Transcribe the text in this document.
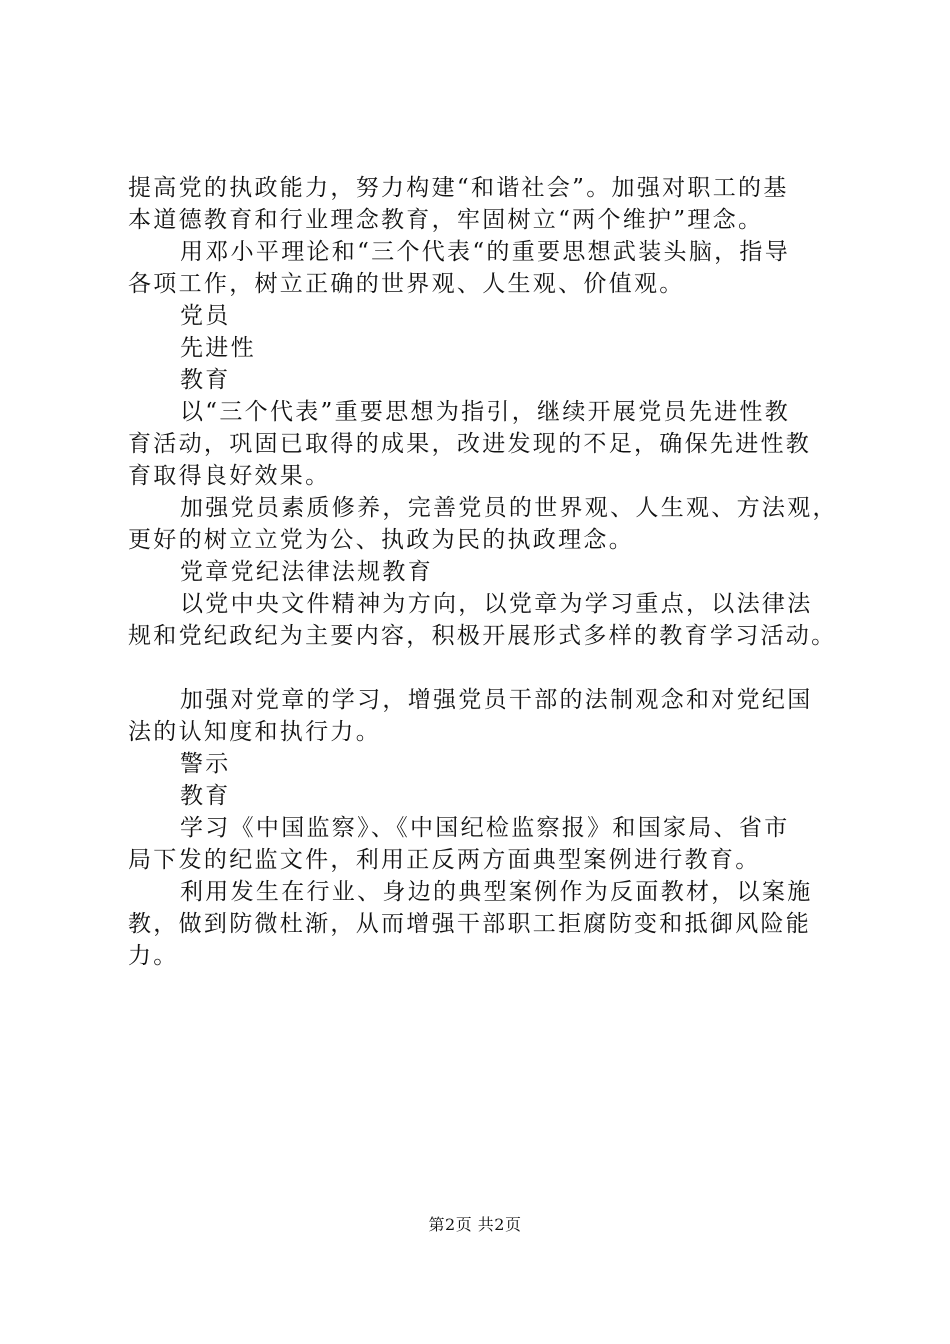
提高党的执政能力，努力构建“和谐社会”。加强对职工的基
本道德教育和行业理念教育，牢固树立“两个维护”理念。
用邓小平理论和“三个代表“的重要思想武装头脑，指导
各项工作，树立正确的世界观、人生观、价值观。
党员
先进性
教育
以“三个代表”重要思想为指引，继续开展党员先进性教
育活动，巩固已取得的成果，改进发现的不足，确保先进性教
育取得良好效果。
加强党员素质修养，完善党员的世界观、人生观、方法观，
更好的树立立党为公、执政为民的执政理念。
党章党纪法律法规教育
以党中央文件精神为方向，以党章为学习重点，以法律法
规和党纪政纪为主要内容，积极开展形式多样的教育学习活动。
加强对党章的学习，增强党员干部的法制观念和对党纪国
法的认知度和执行力。
警示
教育
学习《中国监察》、《中国纪检监察报》和国家局、省市
局下发的纪监文件，利用正反两方面典型案例进行教育。
利用发生在行业、身边的典型案例作为反面教材，以案施
教，做到防微杜渐，从而增强干部职工拒腐防变和抵御风险能
力。
第2页 共2页
